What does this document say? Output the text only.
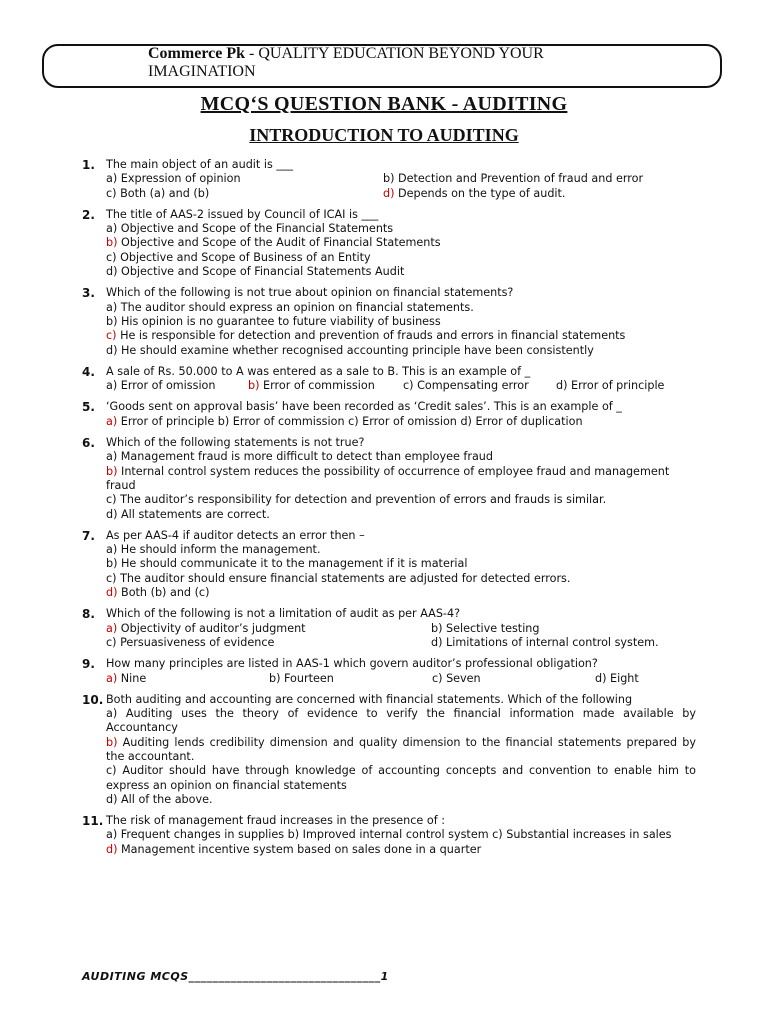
Commerce Pk - QUALITY EDUCATION BEYOND YOUR IMAGINATION
MCQ‘S QUESTION BANK - AUDITING
INTRODUCTION TO AUDITING
1. The main object of an audit is ___
a) Expression of opinion	b) Detection and Prevention of fraud and error
c) Both (a) and (b)	d) Depends on the type of audit.
2. The title of AAS-2 issued by Council of ICAI is ___
a) Objective and Scope of the Financial Statements
b) Objective and Scope of the Audit of Financial Statements
c) Objective and Scope of Business of an Entity
d) Objective and Scope of Financial Statements Audit
3. Which of the following is not true about opinion on financial statements?
a) The auditor should express an opinion on financial statements.
b) His opinion is no guarantee to future viability of business
c) He is responsible for detection and prevention of frauds and errors in financial statements
d) He should examine whether recognised accounting principle have been consistently
4. A sale of Rs. 50.000 to A was entered as a sale to B. This is an example of _
a) Error of omission	b) Error of commission	c) Compensating error	d) Error of principle
5. ‘Goods sent on approval basis’ have been recorded as ‘Credit sales’. This is an example of _
a) Error of principle b) Error of commission c) Error of omission d) Error of duplication
6. Which of the following statements is not true?
a) Management fraud is more difficult to detect than employee fraud
b) Internal control system reduces the possibility of occurrence of employee fraud and management fraud
c) The auditor’s responsibility for detection and prevention of errors and frauds is similar.
d) All statements are correct.
7. As per AAS-4 if auditor detects an error then –
a) He should inform the management.
b) He should communicate it to the management if it is material
c) The auditor should ensure financial statements are adjusted for detected errors.
d) Both (b) and (c)
8. Which of the following is not a limitation of audit as per AAS-4?
a) Objectivity of auditor’s judgment	b) Selective testing
c) Persuasiveness of evidence	d) Limitations of internal control system.
9. How many principles are listed in AAS-1 which govern auditor’s professional obligation?
a) Nine	b) Fourteen	c) Seven	d) Eight
10. Both auditing and accounting are concerned with financial statements. Which of the following
a) Auditing uses the theory of evidence to verify the financial information made available by Accountancy
b) Auditing lends credibility dimension and quality dimension to the financial statements prepared by the accountant.
c) Auditor should have through knowledge of accounting concepts and convention to enable him to express an opinion on financial statements
d) All of the above.
11. The risk of management fraud increases in the presence of :
a) Frequent changes in supplies b) Improved internal control system c) Substantial increases in sales
d) Management incentive system based on sales done in a quarter
AUDITING MCQS________________________________1
